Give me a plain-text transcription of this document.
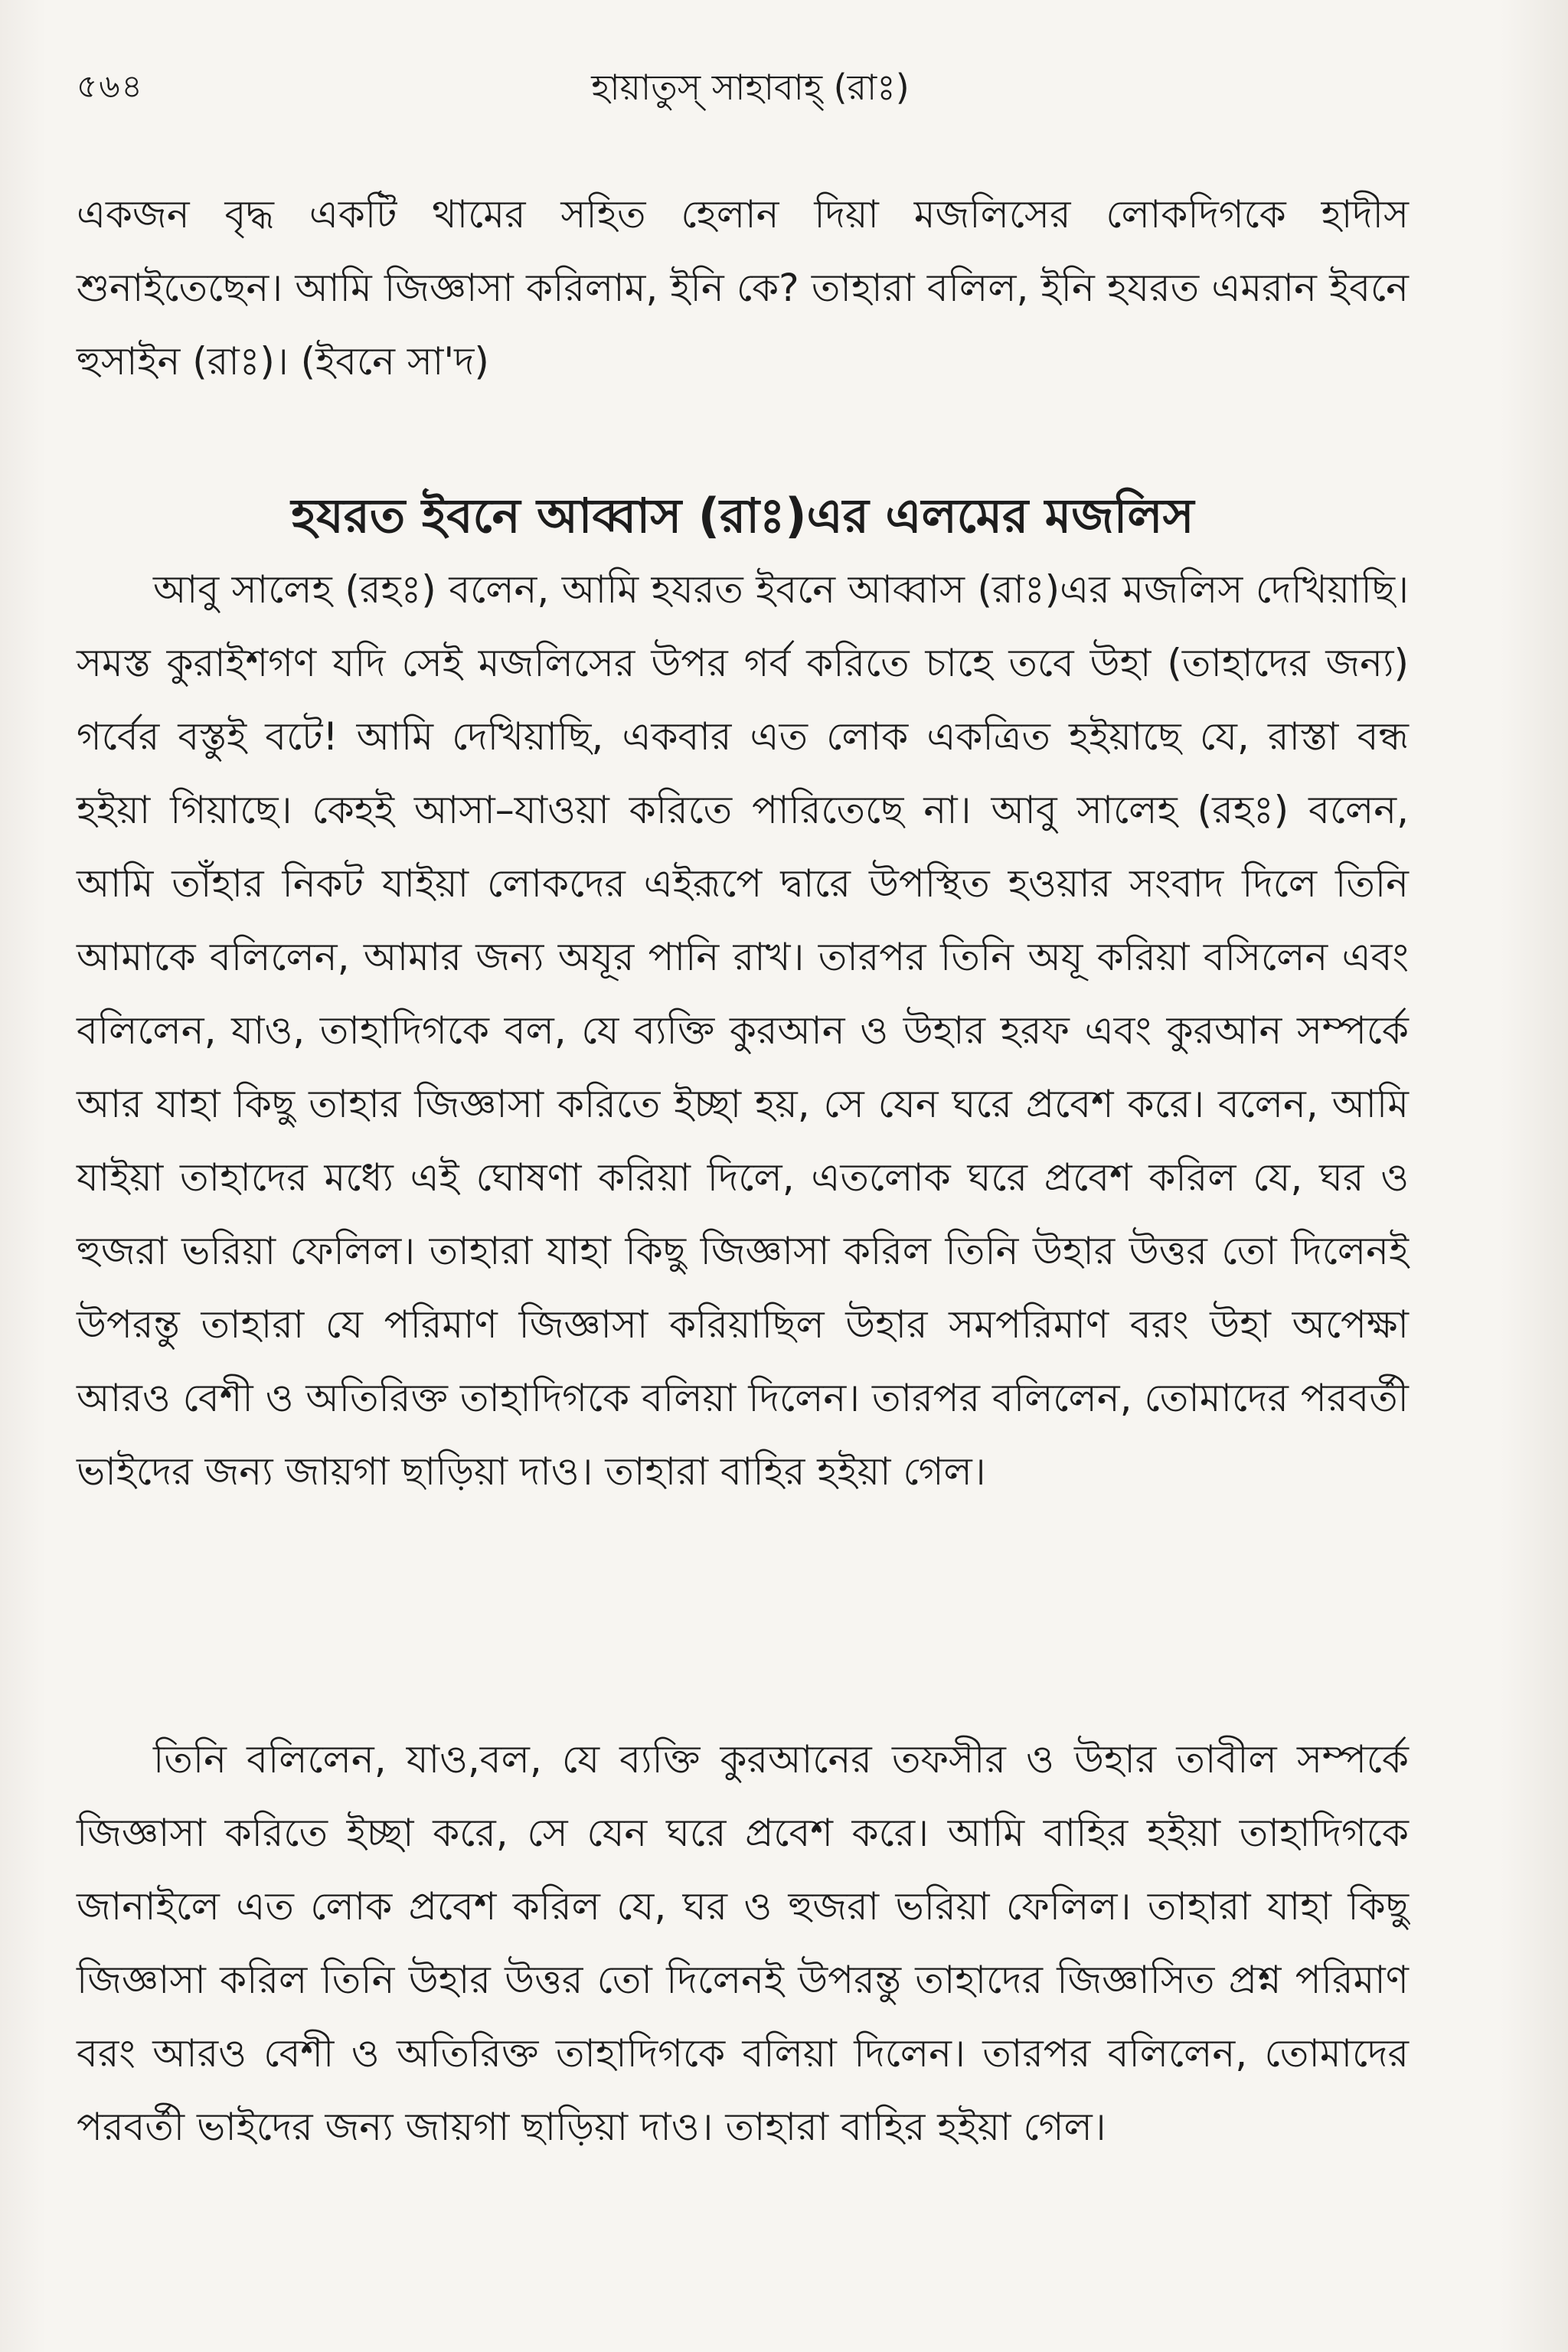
৫৬৪	হায়াতুস্ সাহাবাহ্ (রাঃ)
একজন বৃদ্ধ একটি থামের সহিত হেলান দিয়া মজলিসের লোকদিগকে হাদীস শুনাইতেছেন। আমি জিজ্ঞাসা করিলাম, ইনি কে? তাহারা বলিল, ইনি হযরত এমরান ইবনে হুসাইন (রাঃ)। (ইবনে সা'দ)
হযরত ইবনে আব্বাস (রাঃ)এর এলমের মজলিস
আবু সালেহ (রহঃ) বলেন, আমি হযরত ইবনে আব্বাস (রাঃ)এর মজলিস দেখিয়াছি। সমস্ত কুরাইশগণ যদি সেই মজলিসের উপর গর্ব করিতে চাহে তবে উহা (তাহাদের জন্য) গর্বের বস্তুই বটে! আমি দেখিয়াছি, একবার এত লোক একত্রিত হইয়াছে যে, রাস্তা বন্ধ হইয়া গিয়াছে। কেহই আসা–যাওয়া করিতে পারিতেছে না। আবু সালেহ (রহঃ) বলেন, আমি তাঁহার নিকট যাইয়া লোকদের এইরূপে দ্বারে উপস্থিত হওয়ার সংবাদ দিলে তিনি আমাকে বলিলেন, আমার জন্য অযূর পানি রাখ। তারপর তিনি অযূ করিয়া বসিলেন এবং বলিলেন, যাও, তাহাদিগকে বল, যে ব্যক্তি কুরআন ও উহার হরফ এবং কুরআন সম্পর্কে আর যাহা কিছু তাহার জিজ্ঞাসা করিতে ইচ্ছা হয়, সে যেন ঘরে প্রবেশ করে। বলেন, আমি যাইয়া তাহাদের মধ্যে এই ঘোষণা করিয়া দিলে, এতলোক ঘরে প্রবেশ করিল যে, ঘর ও হুজরা ভরিয়া ফেলিল। তাহারা যাহা কিছু জিজ্ঞাসা করিল তিনি উহার উত্তর তো দিলেনই উপরন্তু তাহারা যে পরিমাণ জিজ্ঞাসা করিয়াছিল উহার সমপরিমাণ বরং উহা অপেক্ষা আরও বেশী ও অতিরিক্ত তাহাদিগকে বলিয়া দিলেন। তারপর বলিলেন, তোমাদের পরবর্তী ভাইদের জন্য জায়গা ছাড়িয়া দাও। তাহারা বাহির হইয়া গেল।
তিনি বলিলেন, যাও,বল, যে ব্যক্তি কুরআনের তফসীর ও উহার তাবীল সম্পর্কে জিজ্ঞাসা করিতে ইচ্ছা করে, সে যেন ঘরে প্রবেশ করে। আমি বাহির হইয়া তাহাদিগকে জানাইলে এত লোক প্রবেশ করিল যে, ঘর ও হুজরা ভরিয়া ফেলিল। তাহারা যাহা কিছু জিজ্ঞাসা করিল তিনি উহার উত্তর তো দিলেনই উপরন্তু তাহাদের জিজ্ঞাসিত প্রশ্ন পরিমাণ বরং আরও বেশী ও অতিরিক্ত তাহাদিগকে বলিয়া দিলেন। তারপর বলিলেন, তোমাদের পরবর্তী ভাইদের জন্য জায়গা ছাড়িয়া দাও। তাহারা বাহির হইয়া গেল।
